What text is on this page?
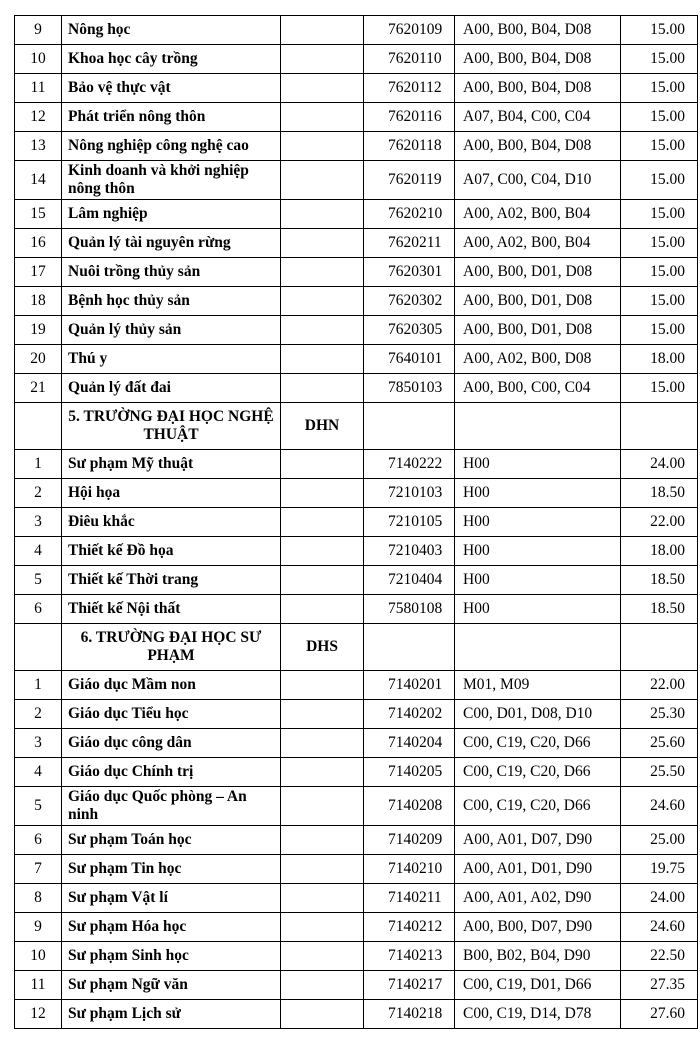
9	Nông học		7620109	A00, B00, B04, D08	15.00
10	Khoa học cây trồng		7620110	A00, B00, B04, D08	15.00
11	Bảo vệ thực vật		7620112	A00, B00, B04, D08	15.00
12	Phát triển nông thôn		7620116	A07, B04, C00, C04	15.00
13	Nông nghiệp công nghệ cao		7620118	A00, B00, B04, D08	15.00
14	Kinh doanh và khởi nghiệp nông thôn		7620119	A07, C00, C04, D10	15.00
15	Lâm nghiệp		7620210	A00, A02, B00, B04	15.00
16	Quản lý tài nguyên rừng		7620211	A00, A02, B00, B04	15.00
17	Nuôi trồng thủy sản		7620301	A00, B00, D01, D08	15.00
18	Bệnh học thủy sản		7620302	A00, B00, D01, D08	15.00
19	Quản lý thủy sản		7620305	A00, B00, D01, D08	15.00
20	Thú y		7640101	A00, A02, B00, D08	18.00
21	Quản lý đất đai		7850103	A00, B00, C00, C04	15.00
	5. TRƯỜNG ĐẠI HỌC NGHỆ THUẬT	DHN			
1	Sư phạm Mỹ thuật		7140222	H00	24.00
2	Hội họa		7210103	H00	18.50
3	Điêu khắc		7210105	H00	22.00
4	Thiết kế Đồ họa		7210403	H00	18.00
5	Thiết kế Thời trang		7210404	H00	18.50
6	Thiết kế Nội thất		7580108	H00	18.50
	6. TRƯỜNG ĐẠI HỌC SƯ PHẠM	DHS			
1	Giáo dục Mầm non		7140201	M01, M09	22.00
2	Giáo dục Tiểu học		7140202	C00, D01, D08, D10	25.30
3	Giáo dục công dân		7140204	C00, C19, C20, D66	25.60
4	Giáo dục Chính trị		7140205	C00, C19, C20, D66	25.50
5	Giáo dục Quốc phòng – An ninh		7140208	C00, C19, C20, D66	24.60
6	Sư phạm Toán học		7140209	A00, A01, D07, D90	25.00
7	Sư phạm Tin học		7140210	A00, A01, D01, D90	19.75
8	Sư phạm Vật lí		7140211	A00, A01, A02, D90	24.00
9	Sư phạm Hóa học		7140212	A00, B00, D07, D90	24.60
10	Sư phạm Sinh học		7140213	B00, B02, B04, D90	22.50
11	Sư phạm Ngữ văn		7140217	C00, C19, D01, D66	27.35
12	Sư phạm Lịch sử		7140218	C00, C19, D14, D78	27.60
